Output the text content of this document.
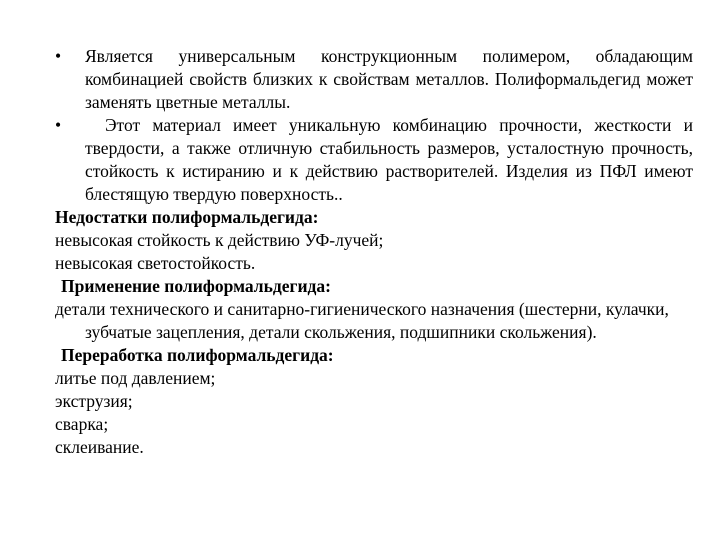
•	Является универсальным конструкционным полимером, обладающим комбинацией свойств близких к свойствам металлов. Полиформальдегид может заменять цветные металлы.
•	Этот материал имеет уникальную комбинацию прочности, жесткости и твердости, а также отличную стабильность размеров, усталостную прочность, стойкость к истиранию и к действию растворителей. Изделия из ПФЛ имеют блестящую твердую поверхность..
Недостатки полиформальдегида:
невысокая стойкость к действию УФ-лучей;
невысокая светостойкость.
Применение полиформальдегида:
детали технического и санитарно-гигиенического назначения (шестерни, кулачки, зубчатые зацепления, детали скольжения, подшипники скольжения).
Переработка полиформальдегида:
литье под давлением;
экструзия;
сварка;
склеивание.
